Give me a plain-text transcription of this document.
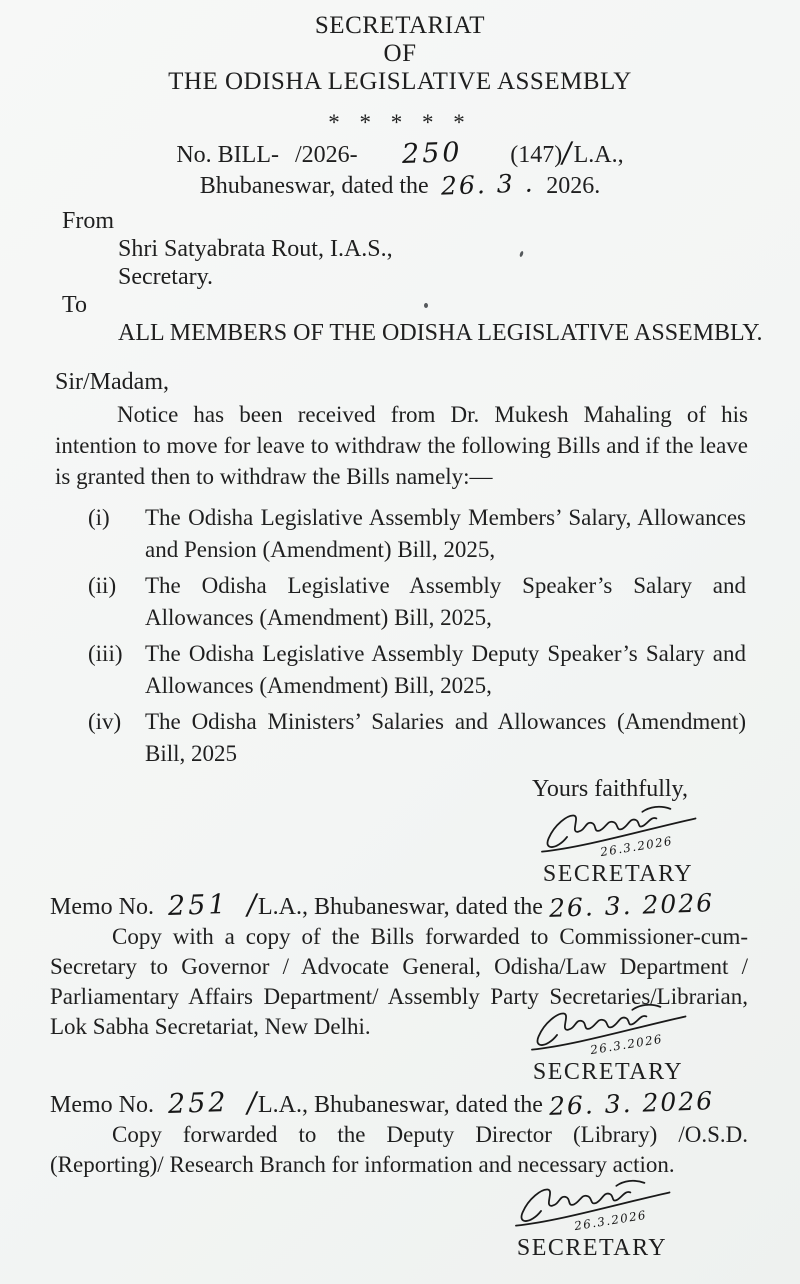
SECRETARIAT
OF
THE ODISHA LEGISLATIVE ASSEMBLY
* * * * *
No. BILL- /2026- 250 (147) / L.A.,
Bhubaneswar, dated the 26. 3 . 2026.
From
Shri Satyabrata Rout, I.A.S.,
Secretary.
To
ALL MEMBERS OF THE ODISHA LEGISLATIVE ASSEMBLY.
Sir/Madam,

Notice has been received from Dr. Mukesh Mahaling of his intention to move for leave to withdraw the following Bills and if the leave is granted then to withdraw the Bills namely:—

(i)	The Odisha Legislative Assembly Members’ Salary, Allowances and Pension (Amendment) Bill, 2025,
(ii)	The Odisha Legislative Assembly Speaker’s Salary and Allowances (Amendment) Bill, 2025,
(iii) The Odisha Legislative Assembly Deputy Speaker’s Salary and Allowances (Amendment) Bill, 2025,
(iv)	The Odisha Ministers’ Salaries and Allowances (Amendment) Bill, 2025
Yours faithfully,
26.3.2026
SECRETARY
Memo No. 251 / L.A., Bhubaneswar, dated the 26. 3. 2026

Copy with a copy of the Bills forwarded to Commissioner-cum-Secretary to Governor / Advocate General, Odisha/Law Department / Parliamentary Affairs Department/ Assembly Party Secretaries/Librarian, Lok Sabha Secretariat, New Delhi.

26.3.2026
SECRETARY
Memo No. 252 / L.A., Bhubaneswar, dated the 26. 3. 2026

Copy forwarded to the Deputy Director (Library) /O.S.D. (Reporting)/ Research Branch for information and necessary action.

26.3.2026
SECRETARY
